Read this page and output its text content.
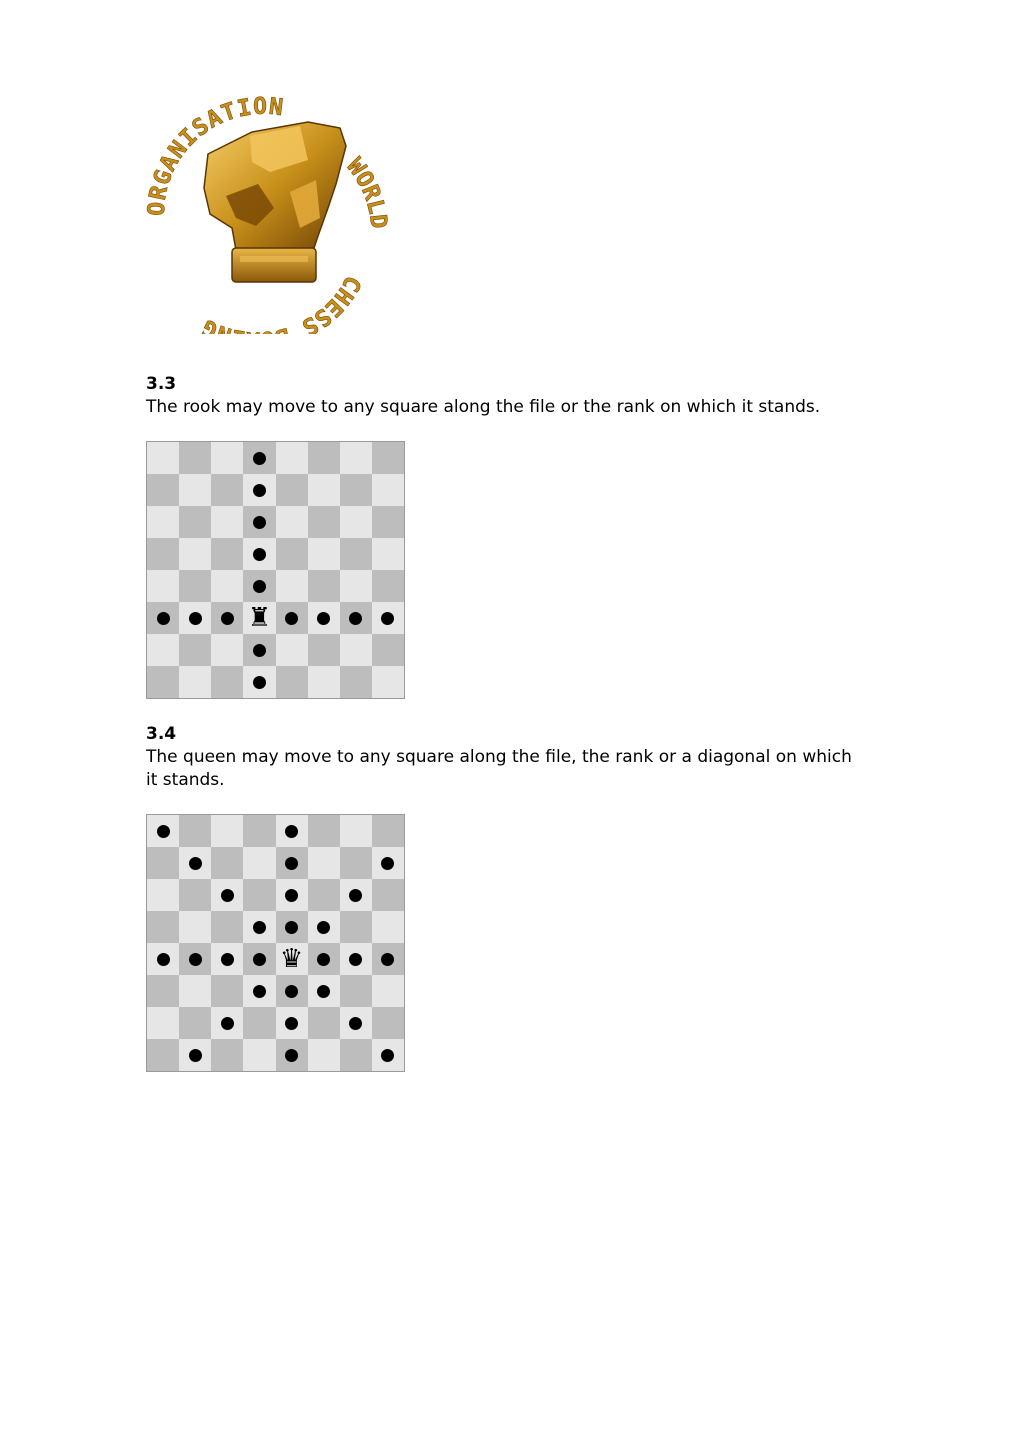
ORGANISATION
WORL
CHESS G

3.3

The rook may move to any square along the file or the rank on which it stands.

♜

3.4

The queen may move to any square along the file, the rank or a diagonal on which it stands.

♛
